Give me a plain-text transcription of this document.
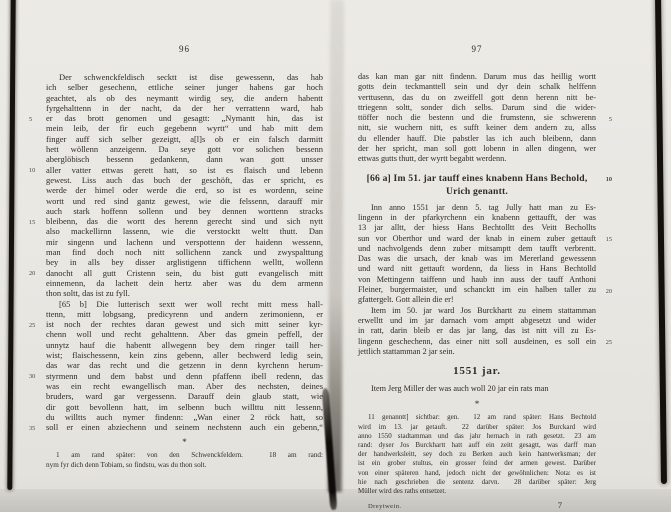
96
Der schwenckfeldisch secktt ist dise gewessenn, das hab
ich selber gesechenn, ettliche seiner junger habens gar hoch
geachtet, als ob des neymantt wirdig sey, die andern habentt
fyrgehalttenn in der nacht, da der her verrattenn ward, hab
er das brott genomen und gesagtt: „Nymantt hin, das ist
5
mein leib, der fir euch gegebenn wyrtt“ und hab mitt dem
finger auff sich selber gezeigtt, a[l]s ob er ein falsch darmitt
hett wöllenn anzeigenn. Da seye gott vor solichen bessenn
aberglöbisch bessenn gedankenn, dann wan gott unsser
aller vatter ettwas gerett hatt, so ist es flaisch und lebenn
10
gewest. Liss auch das buch der geschöft, das er spricht, es
werde der himel oder werde die erd, so ist es wordenn, seine
wortt und red sind gantz gewest, wie die felssenn, darauff mir
auch stark hoffenn sollenn und bey dennen worttenn stracks
bleibenn, das die wortt des herenn gerecht sind und sich nytt
15
also mackellirnn lassenn, wie die verstocktt weltt thutt. Dan
mir singenn und lachenn und verspottenn der haidenn wessenn,
man find doch noch nitt sollichenn zanck und zwyspalttung
bey in alls bey disser arglistigenn tiffichenn welltt, wollenn
danocht all gutt Cristenn sein, du bist gutt evangelisch mitt
20
einnemenn, da lachett dein hertz aber was du dem armenn
thon soltt, das ist zu fyll.
[65 b] Die lutterisch sextt wer woll recht mitt mess hall-
ttenn, mitt lobgsang, predicyrenn und andern zerimonienn, er
ist noch der rechtes daran gewest und sich mitt seiner kyr-
25
chenn woll und recht gehalttenn. Aber das gmein peffell, der
unnytz hauf die habentt allwegenn bey dem ringer taill her-
wist; flaischessenn, kein zins gebenn, aller bechwerd ledig sein,
das war das recht und die getzenn in denn kyrchenn herum-
styrmenn und dem babst und denn pfaffenn ibell redenn, das
30
was ein recht ewangellisch man. Aber des nechsten, deines
bruders, ward gar vergessenn. Darauff dein glaub statt, wie
dir gott bevollenn hatt, im selbenn buch willttu nitt lessenn,
du willtts auch nymer findenn: „Wan einer 2 röck hatt, so
soll er einen abziechenn und seinem nechstenn auch ein gebenn,“
35
*
1 am rand später: von den Schwenckfeldern.   18 am rand:
nym fyr dich denn Tobiam, so findstu, was du thon solt.
97
das kan man gar nitt findenn. Darum mus das heillig wortt
gotts dein teckmanttell sein und dyr dein schalk helffenn
verttusenn, das du on zweiffell gott denn herenn nitt be-
ttriegenn soltt, sonder dich selbs. Darum sind die wider-
ttöffer noch die bestenn und die frumstenn, sie schwerenn 5
nitt, sie wuchern nitt, es sufft keiner dem andern zu, allss
du ellender hauff. Die pabstler las ich auch bleibenn, dann
der her spricht, man soll gott lobenn in allen dingenn, wer
ettwas gutts thutt, der wyrtt begabtt werdenn.
[66 a] Im 51. jar tauff eines knabenn Hans Bechold,	10
Urich genantt.
Inn anno 1551 jar denn 5. tag Jully hatt man zu Es-
lingenn in der pfarkyrchenn ein knabenn gettaufft, der was
13 jar alltt, der hiess Hans Bechtolltt des Veitt Bechollts
sun vor Oberthor und ward der knab in einem zuber gettauft 15
und nachvolgends denn zuber mitsamptt dem taufft verbrentt.
Das was die ursach, der knab was im Mererland gewessenn
und ward nitt gettauft wordenn, da liess in Hans Bechtolld
von Mettingenn taiffenn und haub inn auss der tauff Anthoni
Fleiner, burgermaister, und schancktt im ein halben taller zu 20
gfattergelt. Gott allein die er!
Item im 50. jar ward Jos Burckhartt zu einem stattamman
erwelltt und im jar darnach vom amptt abgesetzt und wider
in ratt, darin bleib er das jar lang, das ist nitt vill zu Es-
lingenn geschechenn, das einer nitt soll ausdeinen, es soll ein 25
jettlich stattamman 2 jar sein.
1551 jar.
Item Jerg Miller der was auch woll 20 jar ein rats man
*
11 genanntt] sichtbar: gen.   12 am rand später: Hans Bechtold
wird im 13. jar getauft.   22 darüber später: Jos Burckard wird
anno 1550 stadtamman und das jahr hernach in rath gesetzt.  23 am
rand: dyser Jos Burckhartt hatt auff ein zeitt gesagtt, was darff man
der handwerksleitt, sey doch zu Berken auch kein hantwerksman; der
ist ein grober stultus, ein grosser feind der armen gewest. Darüber
von einer späteren hand, jedoch nicht der gewöhnlichen: Nota: es ist
hie nach geschrieben die sentenz darvn.   28 darüber später: Jerg
Müller wird des raths entsetzet.
Dreytwein.	7
